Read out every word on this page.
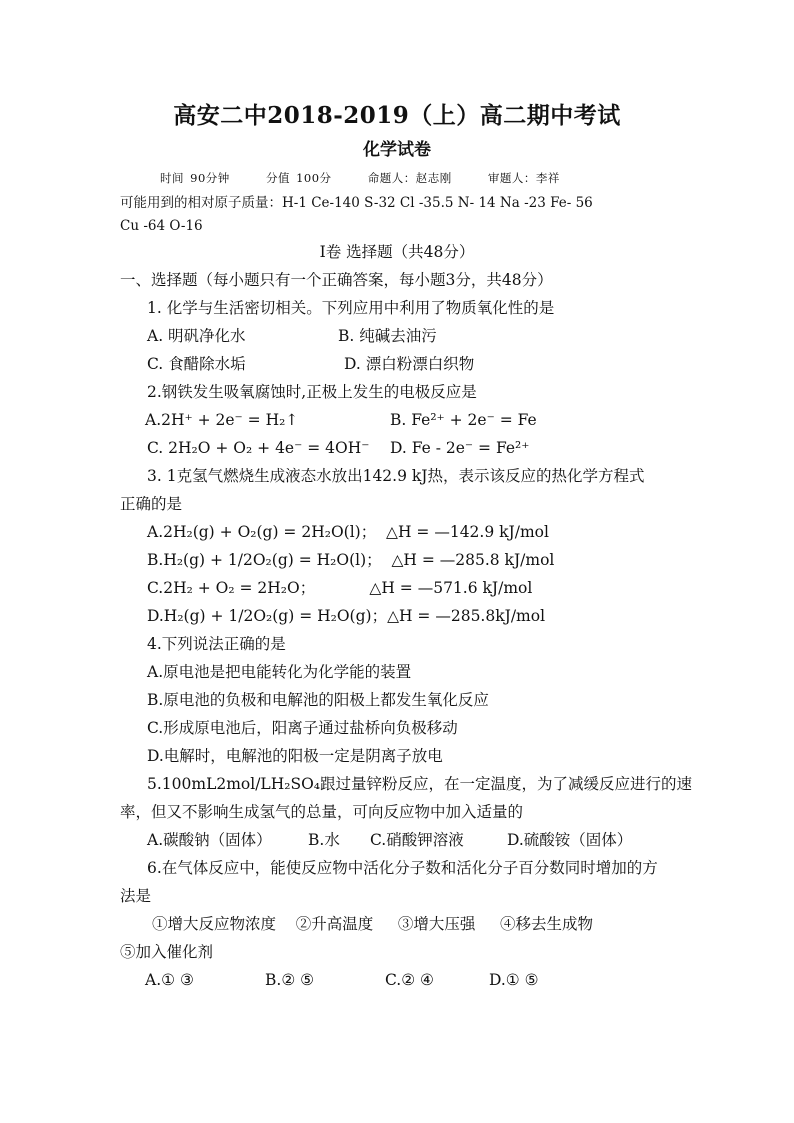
高安二中2018-2019（上）高二期中考试
化学试卷
时间 90分钟	分值 100分	命题人：赵志刚	审题人：李祥
可能用到的相对原子质量：H-1 Ce-140 S-32 Cl -35.5 N- 14 Na -23 Fe- 56
Cu -64 O-16
I卷 选择题（共48分）
一、选择题（每小题只有一个正确答案，每小题3分，共48分）
1. 化学与生活密切相关。下列应用中利用了物质氧化性的是
A. 明矾净化水	B. 纯碱去油污
C. 食醋除水垢	D. 漂白粉漂白织物
2.钢铁发生吸氧腐蚀时,正极上发生的电极反应是
A.2H⁺ + 2e⁻ = H₂↑	B. Fe²⁺ + 2e⁻ = Fe
C. 2H₂O + O₂ + 4e⁻ = 4OH⁻ D. Fe - 2e⁻ = Fe²⁺
3. 1克氢气燃烧生成液态水放出142.9 kJ热，表示该反应的热化学方程式
正确的是
A.2H₂(g) + O₂(g) = 2H₂O(l)；  △H = —142.9 kJ/mol
B.H₂(g) + 1/2O₂(g) = H₂O(l)；  △H = —285.8 kJ/mol
C.2H₂ + O₂ = 2H₂O；           △H = —571.6 kJ/mol
D.H₂(g) + 1/2O₂(g) = H₂O(g)；△H = —285.8kJ/mol
4.下列说法正确的是
A.原电池是把电能转化为化学能的装置
B.原电池的负极和电解池的阳极上都发生氧化反应
C.形成原电池后，阳离子通过盐桥向负极移动
D.电解时，电解池的阳极一定是阴离子放电
5.100mL2mol/LH₂SO₄跟过量锌粉反应，在一定温度，为了减缓反应进行的速
率，但又不影响生成氢气的总量，可向反应物中加入适量的
A.碳酸钠（固体） B.水 C.硝酸钾溶液	D.硫酸铵（固体）
6.在气体反应中，能使反应物中活化分子数和活化分子百分数同时增加的方
法是
①增大反应物浓度    ②升高温度     ③增大压强     ④移去生成物
⑤加入催化剂
A.① ③	B.② ⑤	C.② ④	D.① ⑤
